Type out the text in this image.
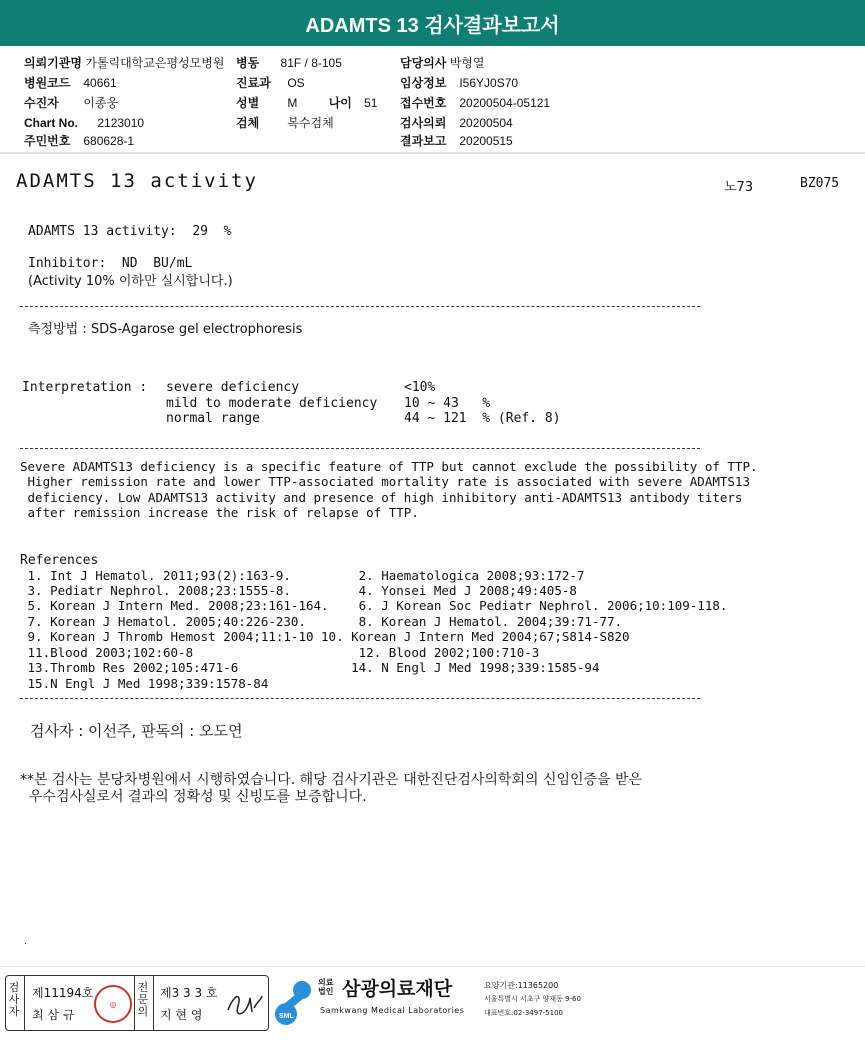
ADAMTS 13 검사결과보고서
의뢰기관명 가톨릭대학교은평성모병원 병동 81F / 8-105	담당의사 박형열
병원코드 40661	진료과 OS	임상정보 I56YJ0S70
수진자 이종웅	성별 M	나이 51 접수번호 20200504-05121
Chart No. 2123010	검체 복수검체	검사의뢰 20200504
주민번호 680628-1	결과보고 20200515
ADAMTS 13 activity	노73	BZ075
ADAMTS 13 activity:  29  %
Inhibitor:  ND  BU/mL
(Activity 10% 이하만 실시합니다.)
측정방법 : SDS-Agarose gel electrophoresis
Interpretation : severe deficiency	<10%
mild to moderate deficiency 10 ~ 43   %
normal range	44 ~ 121  % (Ref. 8)
Severe ADAMTS13 deficiency is a specific feature of TTP but cannot exclude the possibility of TTP.
Higher remission rate and lower TTP-associated mortality rate is associated with severe ADAMTS13
deficiency. Low ADAMTS13 activity and presence of high inhibitory anti-ADAMTS13 antibody titers
after remission increase the risk of relapse of TTP.
References
1. Int J Hematol. 2011;93(2):163-9.         2. Haematologica 2008;93:172-7
3. Pediatr Nephrol. 2008;23:1555-8.         4. Yonsei Med J 2008;49:405-8
5. Korean J Intern Med. 2008;23:161-164.    6. J Korean Soc Pediatr Nephrol. 2006;10:109-118.
7. Korean J Hematol. 2005;40:226-230.       8. Korean J Hematol. 2004;39:71-77.
9. Korean J Thromb Hemost 2004;11:1-10 10. Korean J Intern Med 2004;67;S814-S820
11.Blood 2003;102:60-8                      12. Blood 2002;100:710-3
13.Thromb Res 2002;105:471-6               14. N Engl J Med 1998;339:1585-94
15.N Engl J Med 1998;339:1578-84
검사자 : 이선주, 판독의 : 오도연
**본 검사는 분당차병원에서 시행하였습니다. 해당 검사기관은 대한진단검사의학회의 신임인증을 받은
우수검사실로서 결과의 정확성 및 신빙도를 보증합니다.
.
검
사
자
제11194호
최 삼 규
◎
전
문
의
제3 3 3 호
지 현 영	SML
의료
법인 삼광의료재단
Samkwang Medical Laboratories
요양기관:11365200
서울특별시 서초구 양재동 9-60
대표번호:02-3497-5100
